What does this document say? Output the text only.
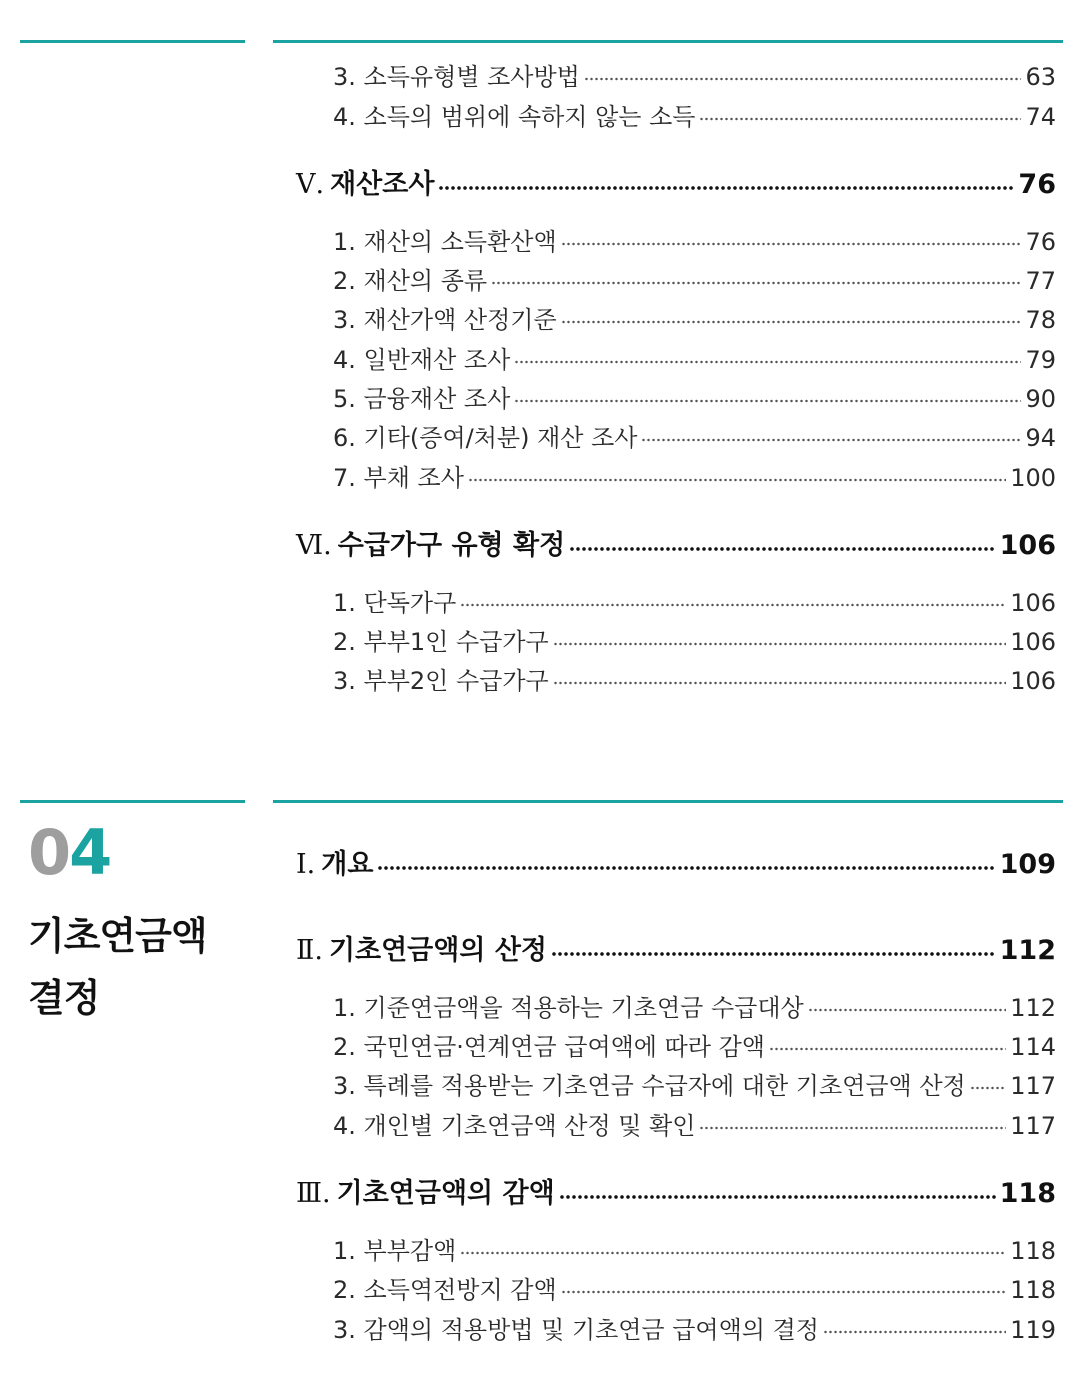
3. 소득유형별 조사방법	63
4. 소득의 범위에 속하지 않는 소득	74
Ⅴ. 재산조사	76
1. 재산의 소득환산액	76
2. 재산의 종류	77
3. 재산가액 산정기준	78
4. 일반재산 조사	79
5. 금융재산 조사	90
6. 기타(증여/처분) 재산 조사	94
7. 부채 조사	100
Ⅵ. 수급가구 유형 확정	106
1. 단독가구	106
2. 부부1인 수급가구	106
3. 부부2인 수급가구	106
04
기초연금액
결정
Ⅰ. 개요	109
Ⅱ. 기초연금액의 산정	112
1. 기준연금액을 적용하는 기초연금 수급대상	112
2. 국민연금·연계연금 급여액에 따라 감액	114
3. 특례를 적용받는 기초연금 수급자에 대한 기초연금액 산정 117
4. 개인별 기초연금액 산정 및 확인	117
Ⅲ. 기초연금액의 감액	118
1. 부부감액	118
2. 소득역전방지 감액	118
3. 감액의 적용방법 및 기초연금 급여액의 결정	119
